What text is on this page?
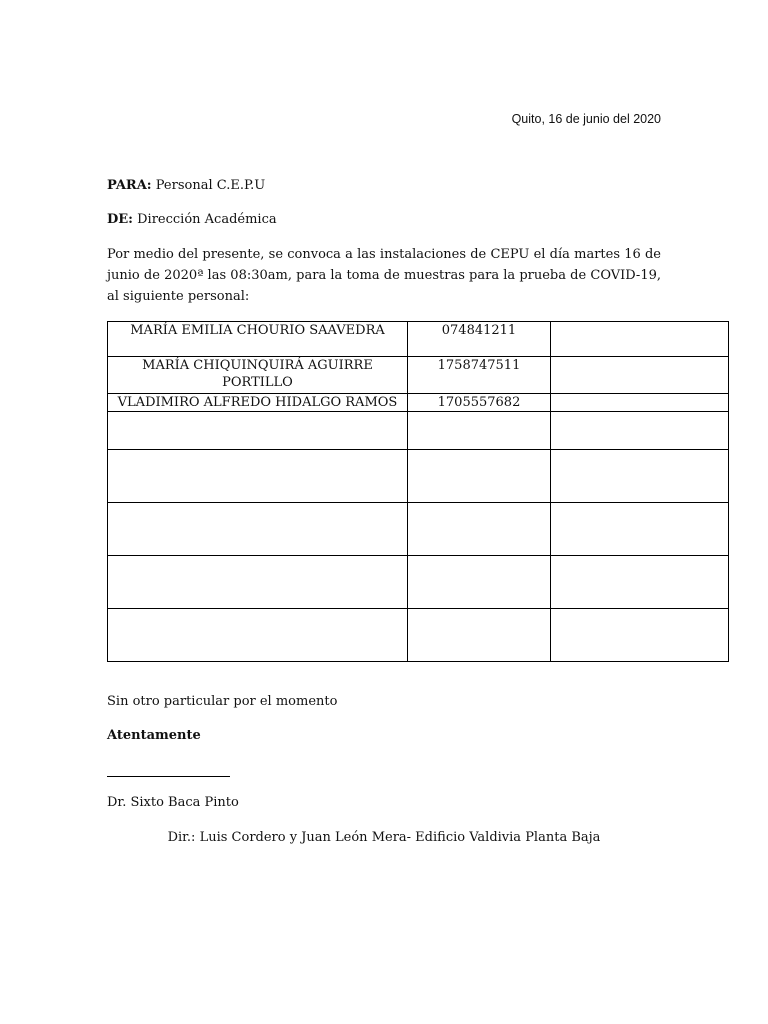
Quito, 16 de junio del 2020
PARA: Personal C.E.P.U
DE: Dirección Académica
Por medio del presente, se convoca a las instalaciones de CEPU el día martes 16 de junio de 2020ª las 08:30am, para la toma de muestras para la prueba de COVID-19, al siguiente personal:
MARÍA EMILIA CHOURIO SAAVEDRA	074841211	
MARÍA CHIQUINQUIRÁ AGUIRRE PORTILLO	1758747511	
VLADIMIRO ALFREDO HIDALGO RAMOS	1705557682	

Sin otro particular por el momento
Atentamente
Dr. Sixto Baca Pinto
Dir.: Luis Cordero y Juan León Mera- Edificio Valdivia Planta Baja
